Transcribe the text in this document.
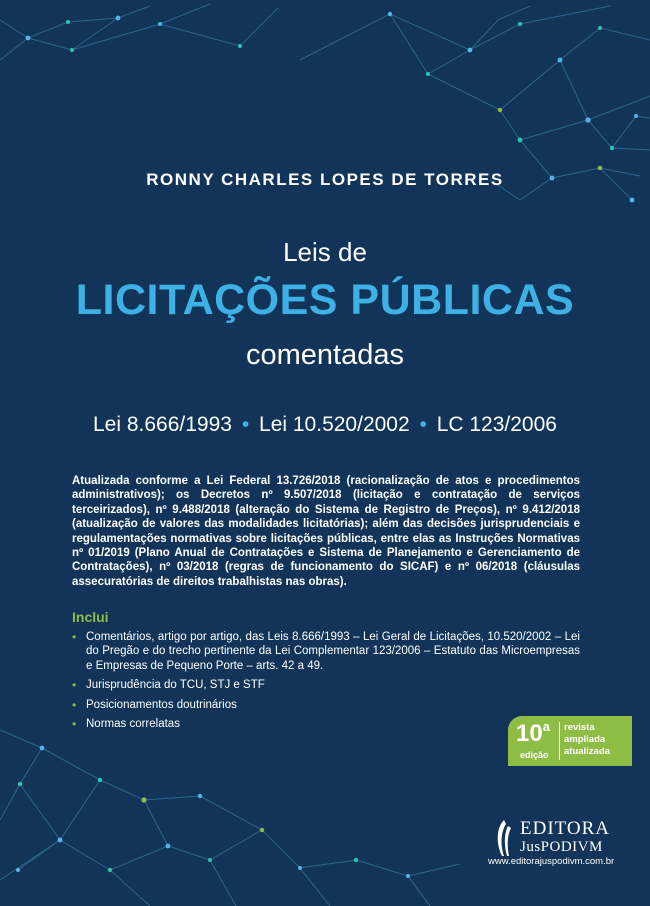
RONNY CHARLES LOPES DE TORRES
Leis de
LICITAÇÕES PÚBLICAS
comentadas
Lei 8.666/1993 • Lei 10.520/2002 • LC 123/2006
Atualizada conforme a Lei Federal 13.726/2018 (racionalização de atos e procedimentos administrativos); os Decretos nº 9.507/2018 (licitação e contratação de serviços terceirizados), nº 9.488/2018 (alteração do Sistema de Registro de Preços), nº 9.412/2018 (atualização de valores das modalidades licitatórias); além das decisões jurisprudenciais e regulamentações normativas sobre licitações públicas, entre elas as Instruções Normativas nº 01/2019 (Plano Anual de Contratações e Sistema de Planejamento e Gerenciamento de Contratações), nº 03/2018 (regras de funcionamento do SICAF) e nº 06/2018 (cláusulas assecuratórias de direitos trabalhistas nas obras).
Inclui
• Comentários, artigo por artigo, das Leis 8.666/1993 – Lei Geral de Licitações, 10.520/2002 – Lei do Pregão e do trecho pertinente da Lei Complementar 123/2006 – Estatuto das Microempresas e Empresas de Pequeno Porte – arts. 42 a 49.
• Jurisprudência do TCU, STJ e STF
• Posicionamentos doutrinários
• Normas correlatas	10$^a$
edição
revista
ampliada
atualizada
EDITORA
JusPODIVM
www.editorajuspodivm.com.br
